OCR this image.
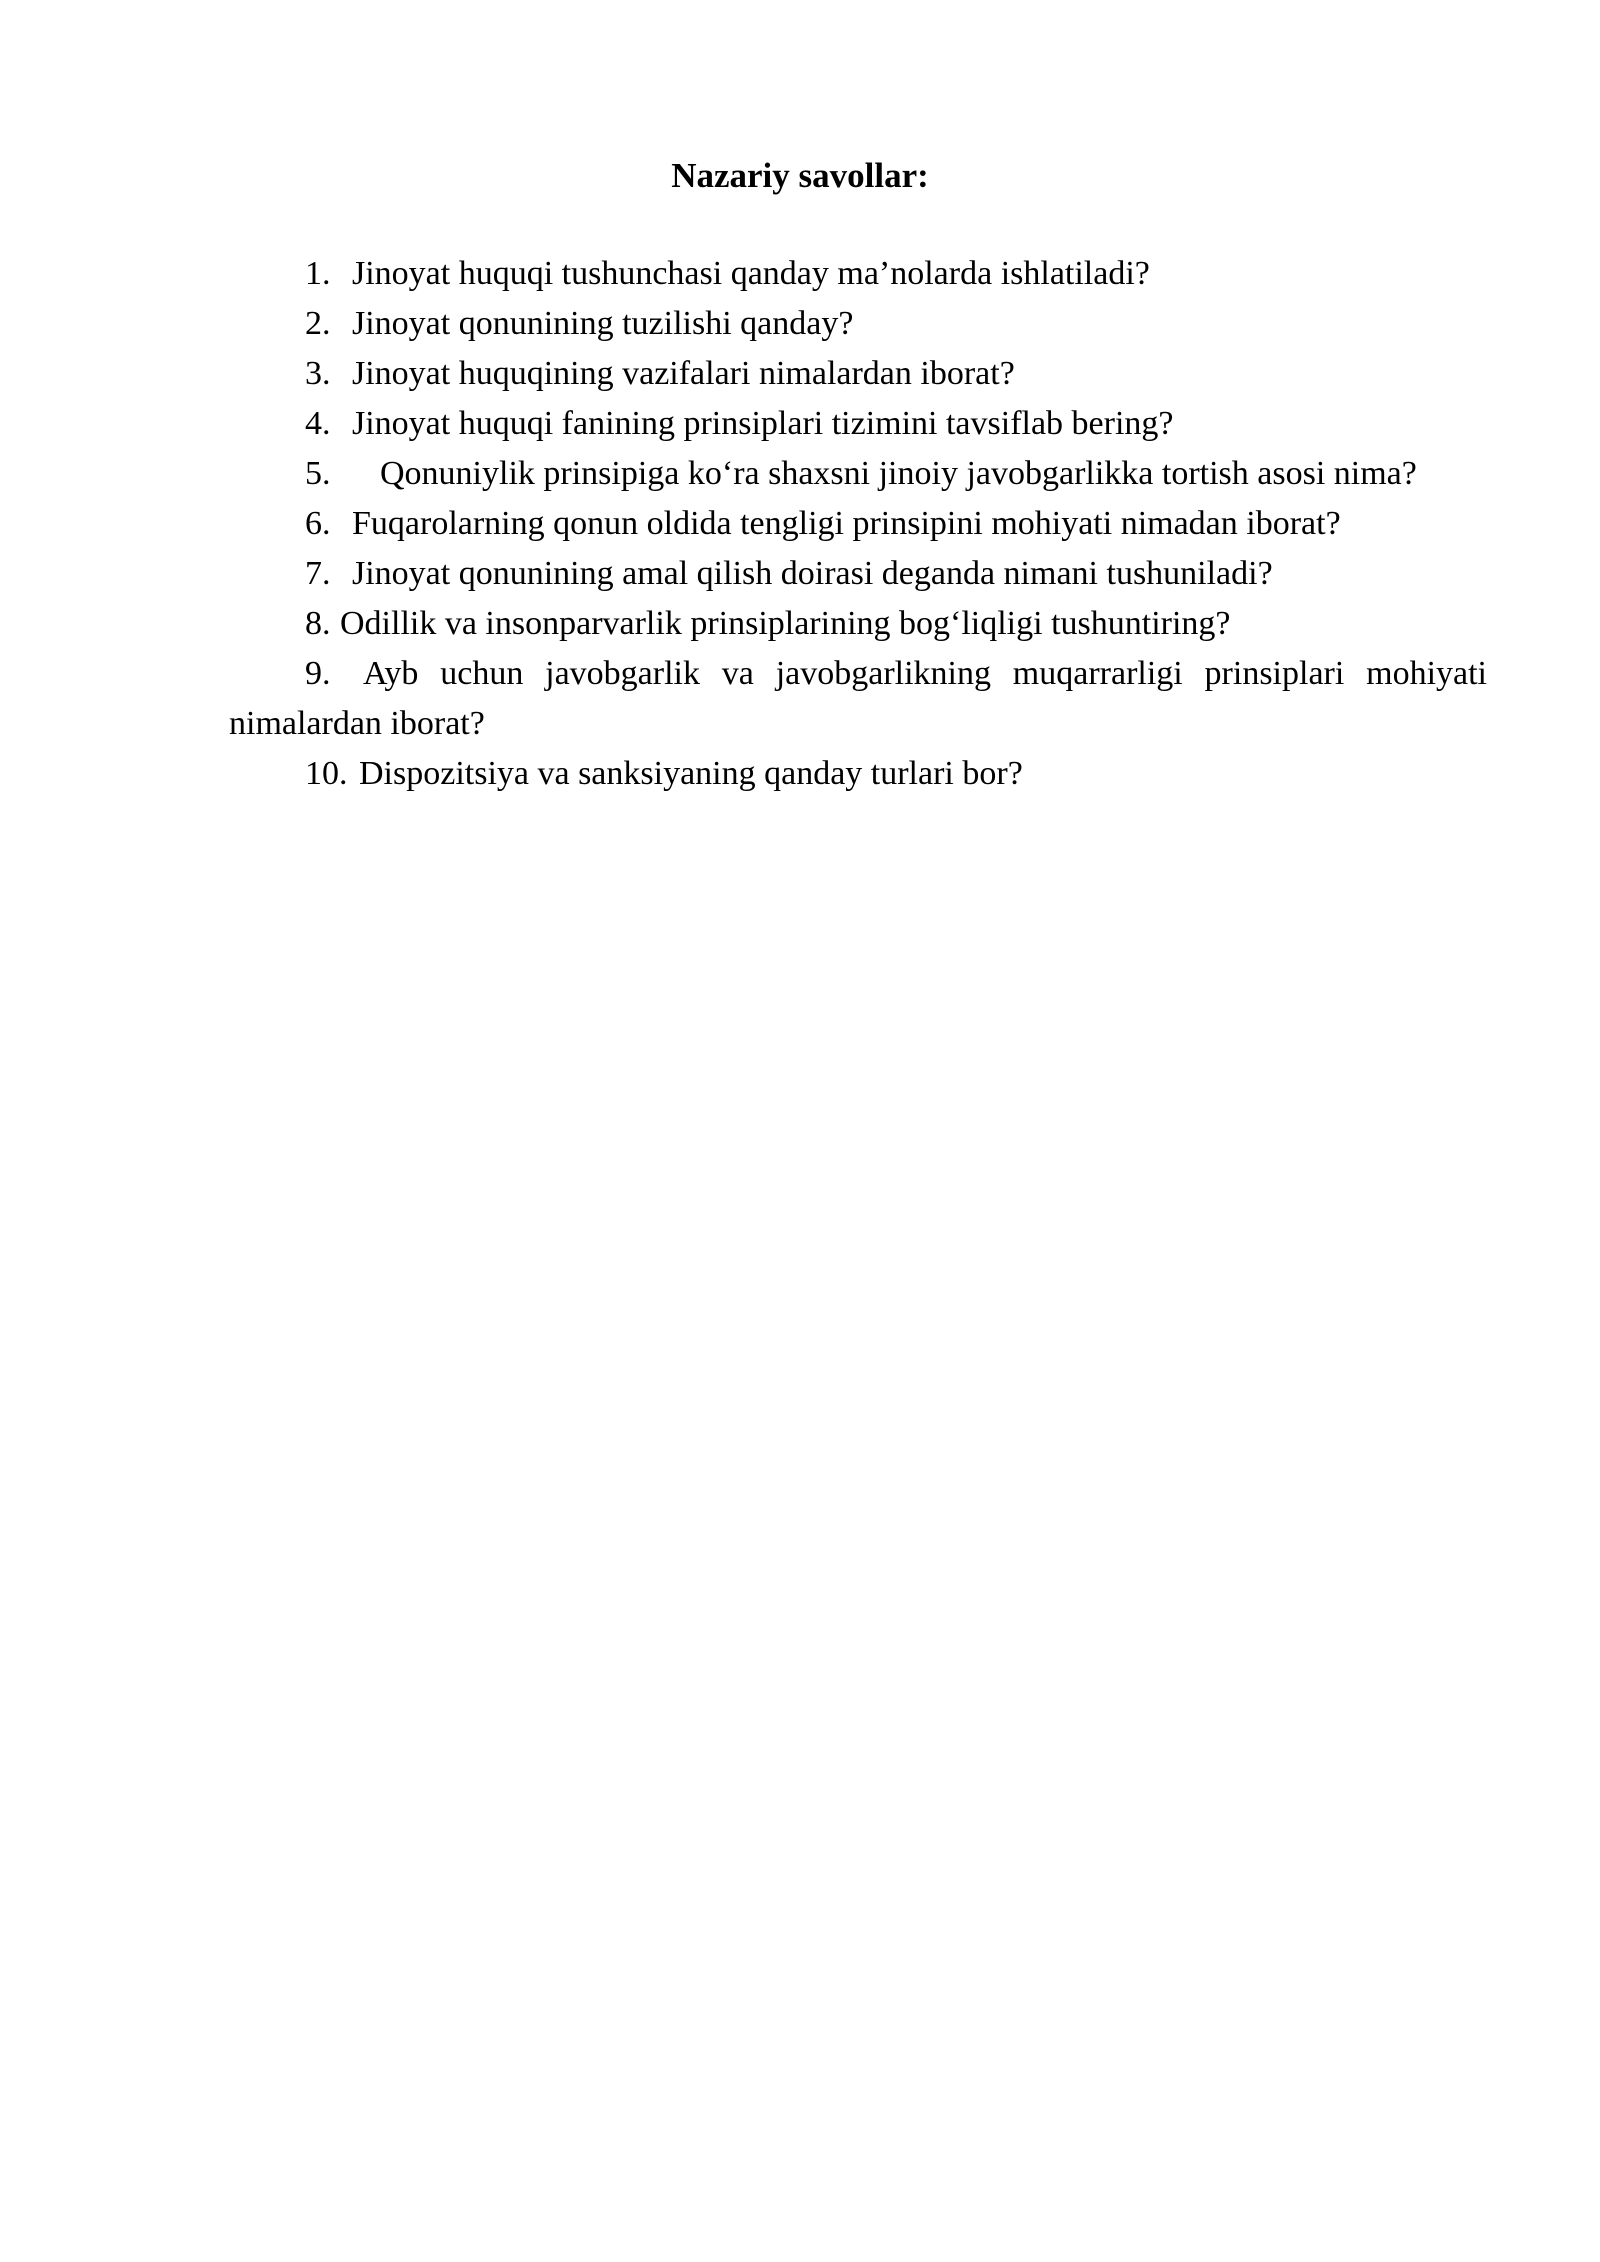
Nazariy savollar:
1. Jinoyat huquqi tushunchasi qanday ma’nolarda ishlatiladi?
2. Jinoyat qonunining tuzilishi qanday?
3. Jinoyat huquqining vazifalari nimalardan iborat?
4. Jinoyat huquqi fanining prinsiplari tizimini tavsiflab bering?
5. Qonuniylik prinsipiga ko‘ra shaxsni jinoiy javobgarlikka tortish asosi nima?
6. Fuqarolarning qonun oldida tengligi prinsipini mohiyati nimadan iborat?
7. Jinoyat qonunining amal qilish doirasi deganda nimani tushuniladi?
8. Odillik va insonparvarlik prinsiplarining bog‘liqligi tushuntiring?
9. Ayb uchun javobgarlik va javobgarlikning muqarrarligi prinsiplari mohiyati nimalardan iborat?
10. Dispozitsiya va sanksiyaning qanday turlari bor?
